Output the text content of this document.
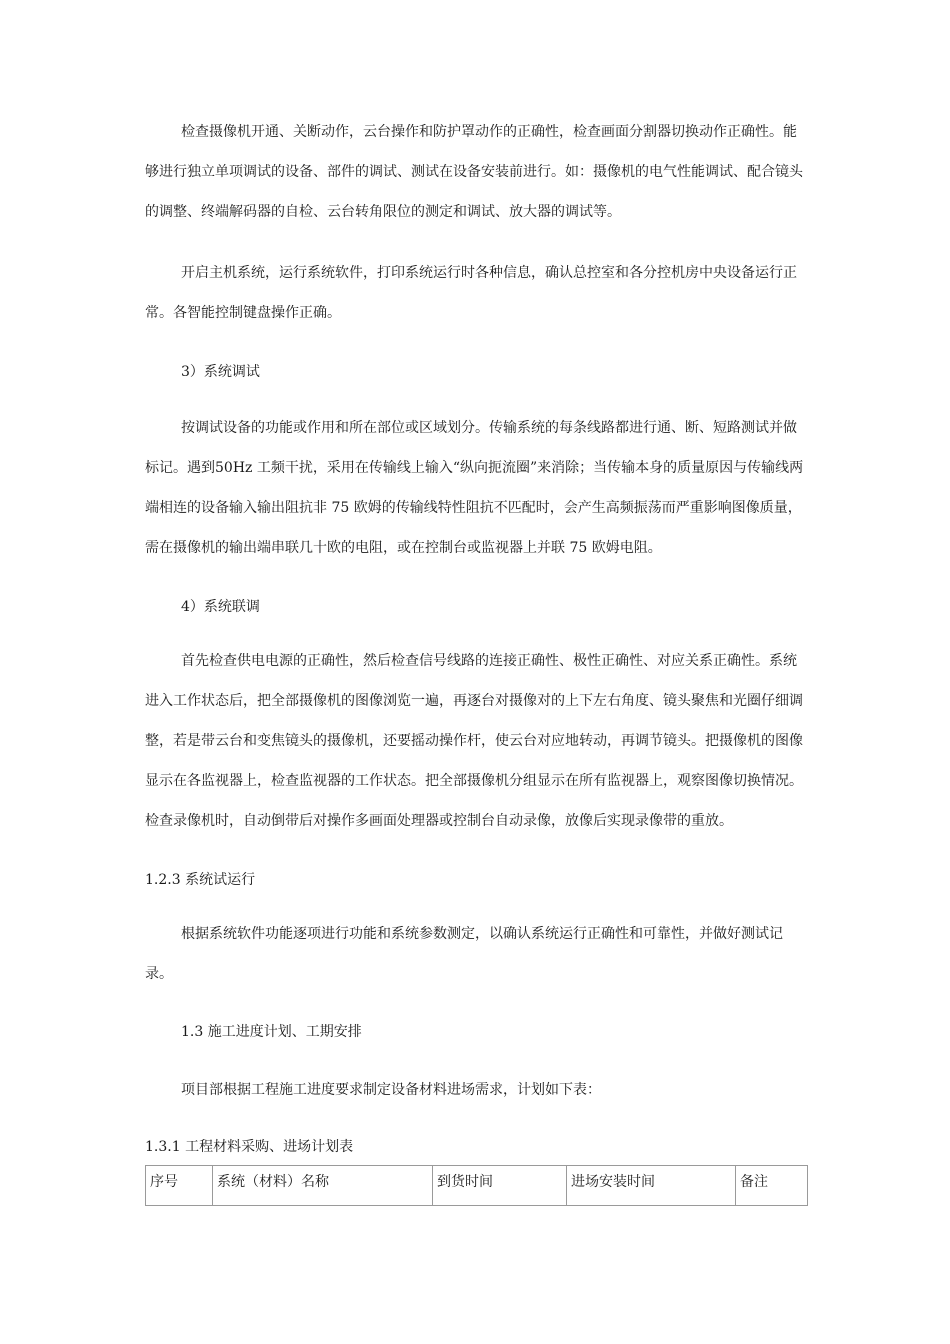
检查摄像机开通、关断动作，云台操作和防护罩动作的正确性，检查画面分割器切换动作正确性。能够进行独立单项调试的设备、部件的调试、测试在设备安装前进行。如：摄像机的电气性能调试、配合镜头的调整、终端解码器的自检、云台转角限位的测定和调试、放大器的调试等。

开启主机系统，运行系统软件，打印系统运行时各种信息，确认总控室和各分控机房中央设备运行正常。各智能控制键盘操作正确。

3）系统调试

按调试设备的功能或作用和所在部位或区域划分。传输系统的每条线路都进行通、断、短路测试并做标记。遇到50Hz 工频干扰，采用在传输线上输入“纵向扼流圈”来消除；当传输本身的质量原因与传输线两端相连的设备输入输出阻抗非 75 欧姆的传输线特性阻抗不匹配时，会产生高频振荡而严重影响图像质量，需在摄像机的输出端串联几十欧的电阻，或在控制台或监视器上并联 75 欧姆电阻。

4）系统联调

首先检查供电电源的正确性，然后检查信号线路的连接正确性、极性正确性、对应关系正确性。系统进入工作状态后，把全部摄像机的图像浏览一遍，再逐台对摄像对的上下左右角度、镜头聚焦和光圈仔细调整，若是带云台和变焦镜头的摄像机，还要摇动操作杆，使云台对应地转动，再调节镜头。把摄像机的图像显示在各监视器上，检查监视器的工作状态。把全部摄像机分组显示在所有监视器上，观察图像切换情况。检查录像机时，自动倒带后对操作多画面处理器或控制台自动录像，放像后实现录像带的重放。

1.2.3 系统试运行

根据系统软件功能逐项进行功能和系统参数测定，以确认系统运行正确性和可靠性，并做好测试记录。

1.3 施工进度计划、工期安排

项目部根据工程施工进度要求制定设备材料进场需求，计划如下表：

1.3.1 工程材料采购、进场计划表

序号	系统（材料）名称	到货时间	进场安装时间	备注
